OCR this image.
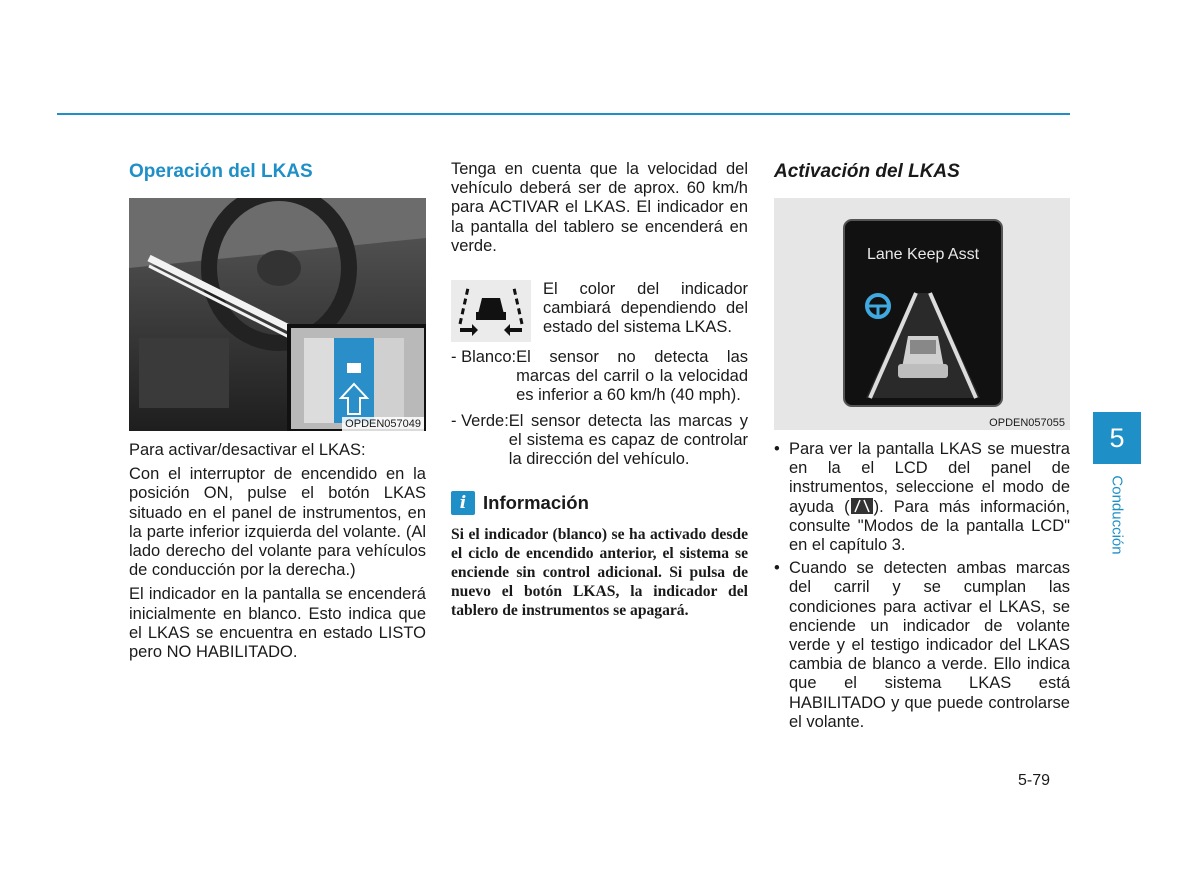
Operación del LKAS
OPDEN057049

Para activar/desactivar el LKAS:

Con el interruptor de encendido en la posición ON, pulse el botón LKAS situado en el panel de instrumentos, en la parte inferior izquierda del volante. (Al lado derecho del volante para vehículos de conducción por la derecha.)

El indicador en la pantalla se encenderá inicialmente en blanco. Esto indica que el LKAS se encuentra en estado LISTO pero NO HABILITADO.

Tenga en cuenta que la velocidad del vehículo deberá ser de aprox. 60 km/h para ACTIVAR el LKAS. El indicador en la pantalla del tablero se encenderá en verde.

El color del indicador cambiará dependiendo del estado del sistema LKAS.

- Blanco: El sensor no detecta las marcas del carril o la velocidad es inferior a 60 km/h (40 mph).
- Verde: El sensor detecta las marcas y el sistema es capaz de controlar la dirección del vehículo.
i Información
Si el indicador (blanco) se ha activado desde el ciclo de encendido anterior, el sistema se enciende sin control adicional. Si pulsa de nuevo el botón LKAS, la indicador del tablero de instrumentos se apagará.
Activación del LKAS
Lane Keep Asst
OPDEN057055
• Para ver la pantalla LKAS se muestra en la el LCD del panel de instrumentos, seleccione el modo de ayuda ( ). Para más información, consulte "Modos de la pantalla LCD" en el capítulo 3.
• Cuando se detecten ambas marcas del carril y se cumplan las condiciones para activar el LKAS, se enciende un indicador de volante verde y el testigo indicador del LKAS cambia de blanco a verde. Ello indica que el sistema LKAS está HABILITADO y que puede controlarse el volante.
5
Conducción
5-79
